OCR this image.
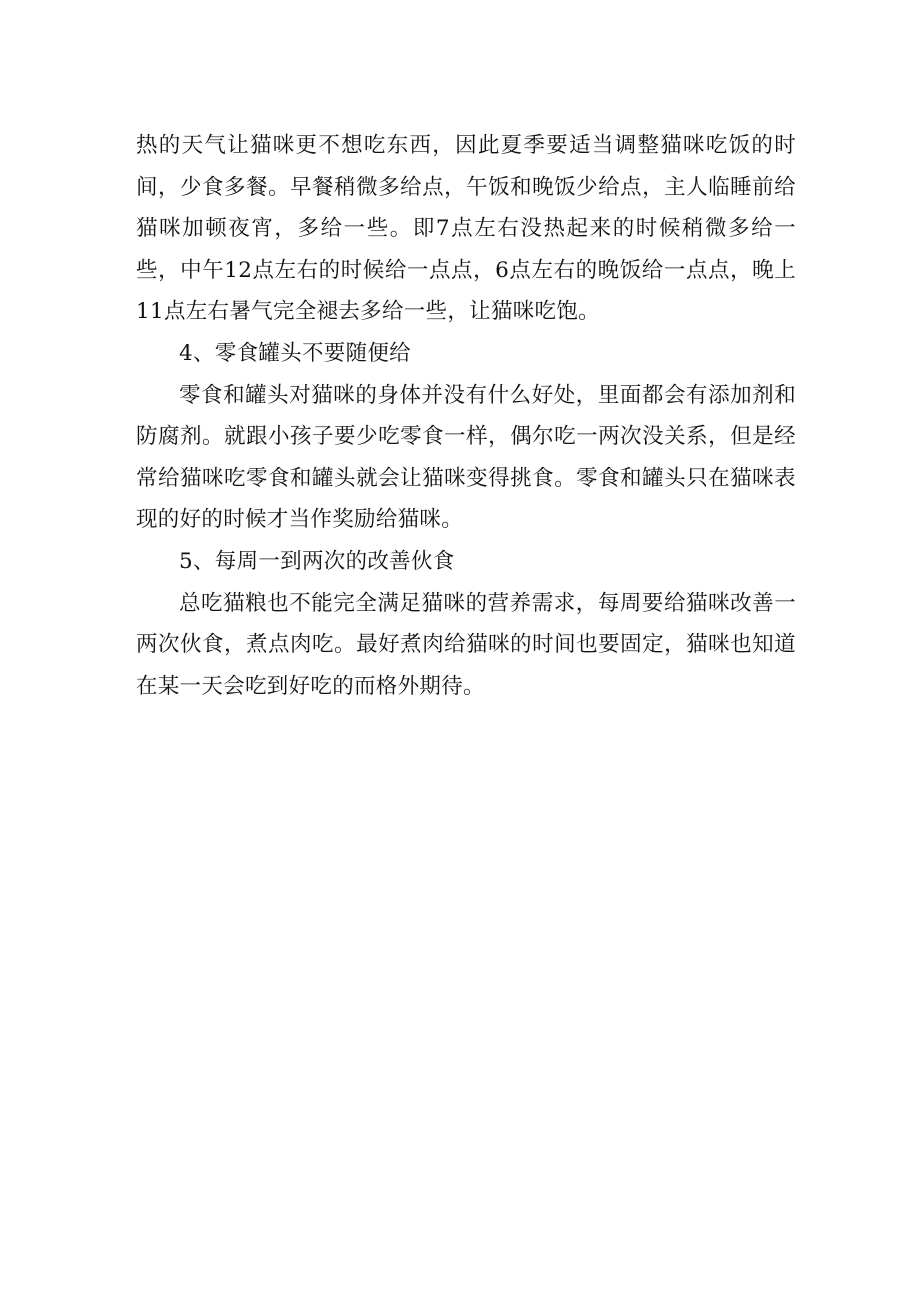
热的天气让猫咪更不想吃东西，因此夏季要适当调整猫咪吃饭的时间，少食多餐。早餐稍微多给点，午饭和晚饭少给点，主人临睡前给猫咪加顿夜宵，多给一些。即7点左右没热起来的时候稍微多给一些，中午12点左右的时候给一点点，6点左右的晚饭给一点点，晚上11点左右暑气完全褪去多给一些，让猫咪吃饱。

4、零食罐头不要随便给

零食和罐头对猫咪的身体并没有什么好处，里面都会有添加剂和防腐剂。就跟小孩子要少吃零食一样，偶尔吃一两次没关系，但是经常给猫咪吃零食和罐头就会让猫咪变得挑食。零食和罐头只在猫咪表现的好的时候才当作奖励给猫咪。

5、每周一到两次的改善伙食

总吃猫粮也不能完全满足猫咪的营养需求，每周要给猫咪改善一两次伙食，煮点肉吃。最好煮肉给猫咪的时间也要固定，猫咪也知道在某一天会吃到好吃的而格外期待。
